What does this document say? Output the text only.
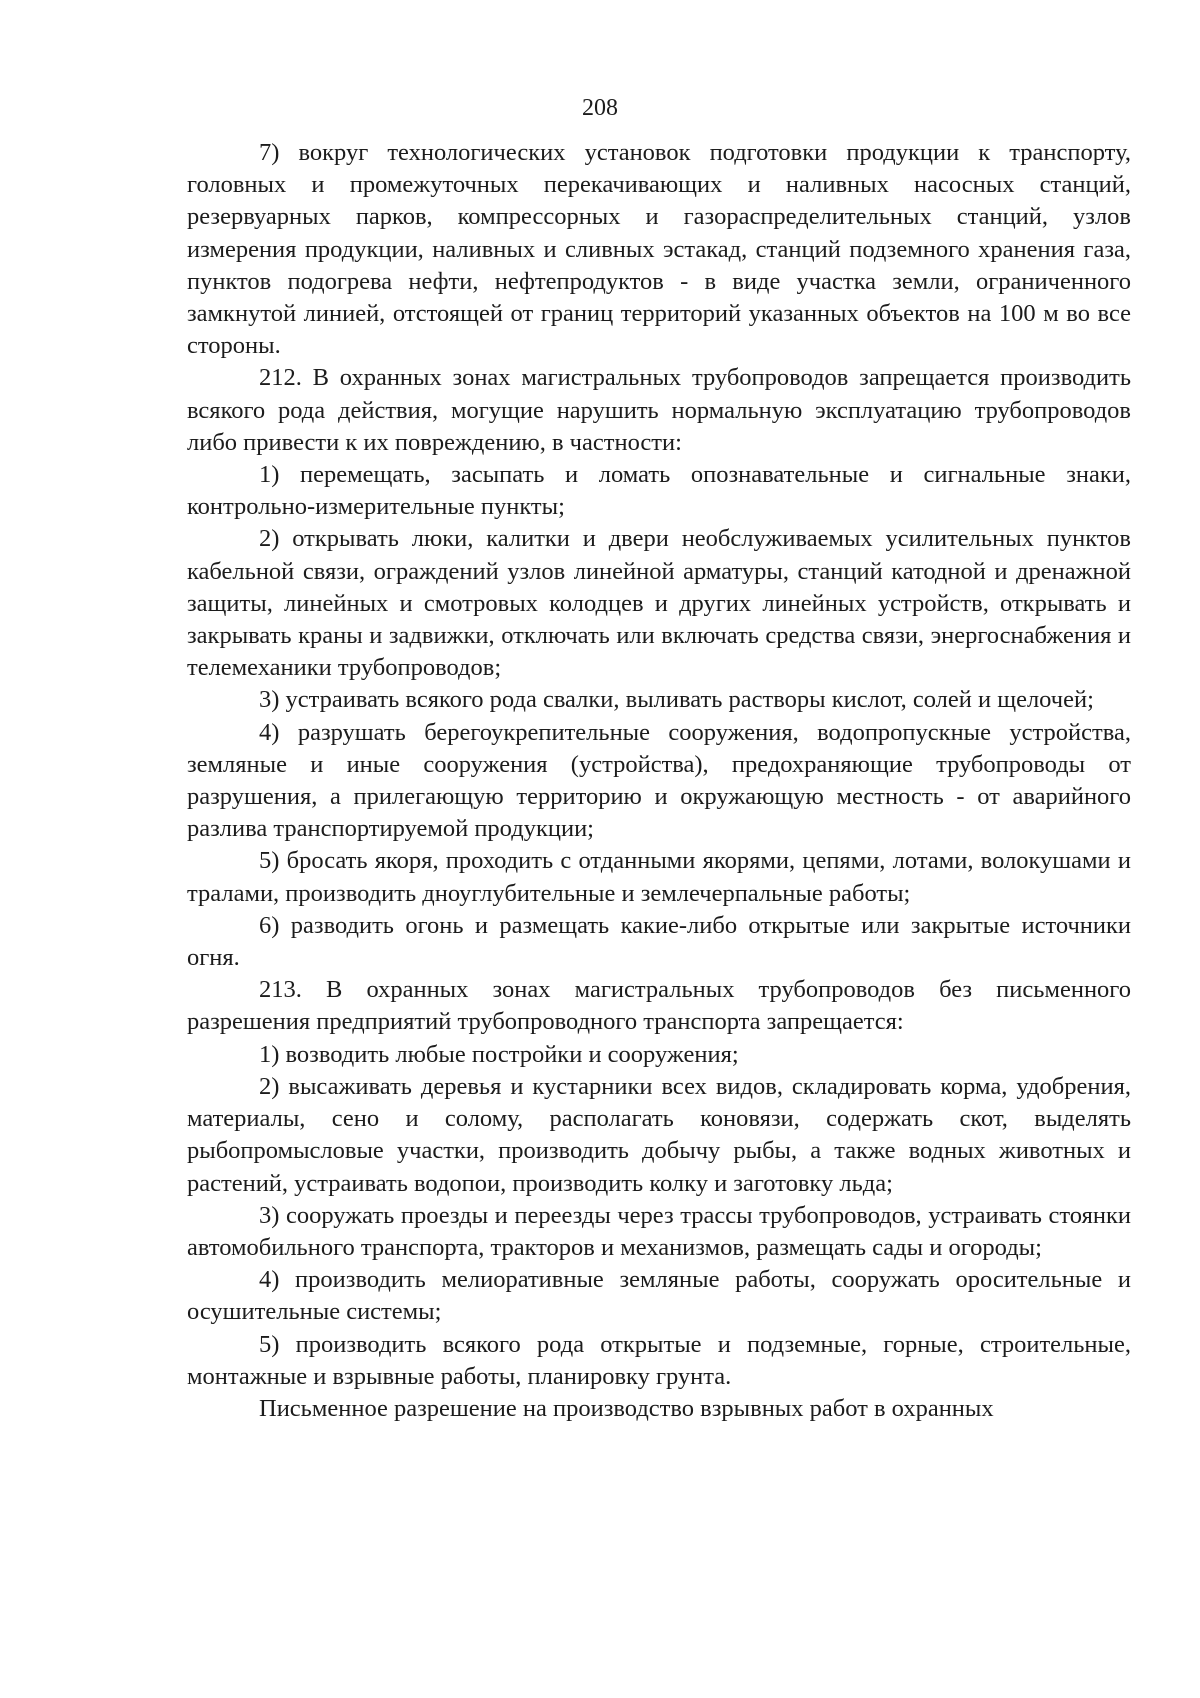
208

7) вокруг технологических установок подготовки продукции к транспорту, головных и промежуточных перекачивающих и наливных насосных станций, резервуарных парков, компрессорных и газораспределительных станций, узлов измерения продукции, наливных и сливных эстакад, станций подземного хранения газа, пунктов подогрева нефти, нефтепродуктов - в виде участка земли, ограниченного замкнутой линией, отстоящей от границ территорий указанных объектов на 100 м во все стороны.

212. В охранных зонах магистральных трубопроводов запрещается производить всякого рода действия, могущие нарушить нормальную эксплуатацию трубопроводов либо привести к их повреждению, в частности:

1) перемещать, засыпать и ломать опознавательные и сигнальные знаки, контрольно-измерительные пункты;

2) открывать люки, калитки и двери необслуживаемых усилительных пунктов кабельной связи, ограждений узлов линейной арматуры, станций катодной и дренажной защиты, линейных и смотровых колодцев и других линейных устройств, открывать и закрывать краны и задвижки, отключать или включать средства связи, энергоснабжения и телемеханики трубопроводов;

3) устраивать всякого рода свалки, выливать растворы кислот, солей и щелочей;

4) разрушать берегоукрепительные сооружения, водопропускные устройства, земляные и иные сооружения (устройства), предохраняющие трубопроводы от разрушения, а прилегающую территорию и окружающую местность - от аварийного разлива транспортируемой продукции;

5) бросать якоря, проходить с отданными якорями, цепями, лотами, волокушами и тралами, производить дноуглубительные и землечерпальные работы;

6) разводить огонь и размещать какие-либо открытые или закрытые источники огня.

213. В охранных зонах магистральных трубопроводов без письменного разрешения предприятий трубопроводного транспорта запрещается:

1) возводить любые постройки и сооружения;

2) высаживать деревья и кустарники всех видов, складировать корма, удобрения, материалы, сено и солому, располагать коновязи, содержать скот, выделять рыбопромысловые участки, производить добычу рыбы, а также водных животных и растений, устраивать водопои, производить колку и заготовку льда;

3) сооружать проезды и переезды через трассы трубопроводов, устраивать стоянки автомобильного транспорта, тракторов и механизмов, размещать сады и огороды;

4) производить мелиоративные земляные работы, сооружать оросительные и осушительные системы;

5) производить всякого рода открытые и подземные, горные, строительные, монтажные и взрывные работы, планировку грунта.

Письменное разрешение на производство взрывных работ в охранных
